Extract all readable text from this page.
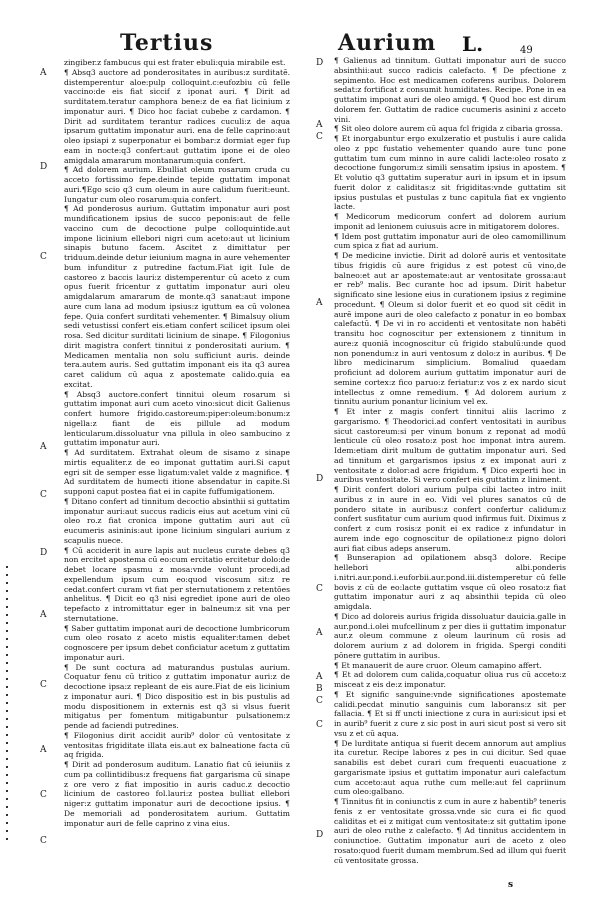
Tertius	Aurium L.	49
A
D
C
A
C
D
A
C
A
C
C
D
A
C
A
D
C
A
A
B
C
C
D
zingiber.z fambucus qui est frater ebuli:quia mirabile est.
¶ Absq3 auctore ad ponderositates in auribus:z surditatē. distemperentur aloe:pulp colloquint.c:eufozbiu cū felle vaccino:de eis fiat siccif z iponat auri. ¶ Dirit ad surditatem.teratur camphora bene:z de ea fiat licinium z imponatur auri. ¶ Dico hoc faciat cubebe z cardamon. ¶ Dirit ad surditatem terantur radices cuculi:z de aqua ipsarum guttatim imponatur auri. ena de felle caprino:aut oleo ipsiapi z superponatur ei bombar:z dormiat eger fup eam in nocte:q3 confert:aut guttatim ipone ei de oleo amigdala amararum montanarum:quia confert.
¶ Ad dolorem aurium. Ebulliat oleum rosarum cruda cu acceto fortissimo fepe.deinde tepide guttatim imponat auri.¶Ego scio q3 cum oleum in aure calidum fuerit:eunt. Iungatur cum oleo rosarum:quia confert.
¶ Ad ponderosus aurium. Guttatim imponatur auri post mundificationem ipsius de succo peponis:aut de felle vaccino cum de decoctione pulpe colloquintide.aut impone licinium ellebori nigri cum aceto:aut ut licinium sinapis butuno facem. Ascitet z dimittatur per triduum.deinde detur ieiunium magna in aure vehementer bum infunditur z putredine factum.Fiat igit Iule de castoreo z baccis lauri:z distemperentur cū aceto z cum opus fuerit fricentur z guttatim imponatur auri oleu amigdalarum amararum de monte.q3 sanat:aut impone aure cum lana ad modum ipsius:z iguttum ea cū volonea fepe. Quia confert surditati vehementer. ¶ Bimalsuy olium sedi vetustissi confert eis.etiam confert scilicet ipsum olei rosa. Sed dicitur surditati licinium de sinape. ¶ Filogonius dirit magistra confert tinnitui z ponderositati aurium. ¶ Medicamen mentalia non solu sufficiunt auris. deinde tera.autem auris. Sed guttatim imponant eis ita q3 aurea caret calidum cū aqua z apostemate calido.quia ea excitat.
¶ Absq3 auctore.confert tinnitui oleum rosarum si guttatim imponat auri cum aceto vino:sicut dicit Galienus confert humore frigido.castoreum:piper:oleum:bonum:z nigella:z fiant de eis pillule ad modum lenticularum.dissoluatur vna pillula in oleo sambucino z guttatim imponatur auri.
¶ Ad surditatem. Extrahat oleum de sisamo z sinape mirtis equaliter.z de eo imponat guttatim auri.Si caput egri sit de semper esse ligatum:valet valde z magnifice. ¶ Ad surditatem de humecti itione absendatur in capite.Si supponi caput postea fiat ei in capite fuffumigationem.
¶ Ditano confert ad tinnitum decoctio absinthii si guttatim imponatur auri:aut succus radicis eius aut acetum vini cū oleo ro.z fiat cronica impone guttatim auri aut cū eucumeris asininis:aut ipone licinium singulari aurium z scapulis nuece.
¶ Cū acciderit in aure lapis aut nucleus curate debes q3 non ercitet apostema cū eo:cum ercitatio ercitetur dolo:de debet locare spasmu z mosa:vnde volunt procedi,ad expellendum ipsum cum eo:quod viscosum sit:z re cedat.confert curam vt fiat per sternutationem z retentōes anhelitus. ¶ Dicit eo q3 nisi egrediet ipone auri de oleo tepefacto z intromittatur eger in balneum:z sit vna per sternutatione.
¶ Saber guttatim imponat auri de decoctione lumbricorum cum oleo rosato z aceto mistis equaliter:tamen debet cognoscere per ipsum debet conficiatur acetum z guttatim imponatur auri.
¶ De sunt coctura ad maturandus pustulas aurium. Coquatur fenu cū tritico z guttatim imponatur auri:z de decoctione ipsa:z repleant de eis aure.Fiat de eis licinium z imponatur auri. ¶ Dico dispositio est in bis pustulis ad modu dispositionem in externis est q3 si vlsus fuerit mitigatus per fomentum mitigabuntur pulsationem:z pende ad faciendi putredines.
¶ Filogonius dirit accidit aurib⁹ dolor cū ventositate z ventositas frigiditate illata eis.aut ex balneatione facta cū aq frigida.
¶ Dirit ad ponderosum auditum. Lanatio fiat cū ieiuniis z cum pa collintidibus:z frequens fiat gargarisma cū sinape z ore vero z fiat impositio in auris caduc.z decoctio licinium de castoreo fol.lauri:z postea bulliat ellebori niger:z guttatim imponatur auri de decoctione ipsius. ¶ De memoriali ad ponderositatem aurium. Guttatim imponatur auri de felle caprino z vina eius.
¶ Galienus ad tinnitum. Guttati imponatur auri de succo absinthii:aut succo radicis calefacto. ¶ De pfectione z sepimento. Hoc est medicamen coferens auribus. Dolorem sedat:z fortificat z consumit humiditates. Recipe. Pone in ea guttatim imponat auri de oleo amigd. ¶ Quod hoc est dirum dolorem fer. Guttatim de radice cucumeris asinini z acceto vini.
¶ Sit oleo dolore aurem cū aqua fcl frigida z cibaria grossa.
¶ Et inorgabuntur ergo exulzeratio et pustulis i aure calida oleo z ppc fustatio vehementer quando aure tunc pone guttatim tum cum minno in aure calidi lacte:oleo rosato z decoctione fungorum:z simili sensatim ipsius in apostem. ¶ Et volutio q3 guttatim superatur auri in ipsum et in ipsum fuerit dolor z caliditas:z sit frigiditas:vnde guttatim sit ipsius pustulas et pustulas z tunc capitula fiat ex vngiento lacte.
¶ Medicorum medicorum confert ad dolorem aurium imponit ad lenionem cuiusuis acre in mitigatorem dolores.
¶ Idem post guttatim imponatur auri de oleo camomillinum cum spica z fiat ad aurium.
¶ De medicine invictie. Dirit ad dolorē auris et ventositate tibus frigidis cū aure frigidus z est potest cū vino,de balneo:et aut ar apostemate:aut ar ventositate grossa:aut er reb⁹ malis. Bec curante hoc ad ipsum. Dirit habetur significato sine lesione eius in curationem ipsius z regimine procedunt. ¶ Oleum si dolor fuerit et eo quod sit cēdit in aurē impone auri de oleo calefacto z ponatur in eo bombax calefactū. ¶ De vi in ro accidenti et ventositate non habēti transitu hoc cognoscitur per extensionem z tinnitum in aure:z quoniā incognoscitur cū frigido stabulū:unde quod non ponendum:z in auri ventosum z dolo:z in auribus. ¶ De libro medicinarum simplicium. Bomaliud quaedam proficiunt ad dolorem aurium guttatim imponatur auri de semine cortex:z fico paruo:z feriatur:z vos z ex nardo sicut intellectus z omne remedium. ¶ Ad dolorem aurium z tinnitu aurium ponantur licinium vel ex.
¶ Et inter z magis confert tinnitui aliis lacrimo z gargarismo. ¶ Theodorici.ad confert ventositati in auribus sicut castoreum:si per vinum bonum z reponat ad modū lenticule cū oleo rosato:z post hoc imponat intra aurem. Idem:etiam dirit multum de guttatim imponatur auri. Sed ad tinnitum et gargarismos ipsius z ex imponat auri z ventositate z dolor:ad acre frigidum. ¶ Dico experti hoc in auribus ventositate. Si vero confert eis guttatim z liniment.
¶ Dirit confert dolori aurium pulpa cibi lacteo intro iniit auribus z in aure in eo. Vidi vel plures sanatos cū de pondero sitate in auribus:z confert confertur calidum:z confert susfitatur cum aurium quod infirmus fuit. Diximus z confert z cum rosis:z ponit ei ex radice z infundatur in aurem inde ego cognoscitur de opilatione:z pigno dolori auri fiat cibus adeps anserum.
¶ Bunserapion ad opilationem absq3 dolore. Recipe hellebori albi.ponderis i.nitri.aur.pond.i.euforbii.aur.pond.iii.distemperetur cū felle bovis z cū de eo:lacte guttatim vsque cū oleo rosato:z fiat guttatim imponatur auri z aq absinthii tepida cū oleo amigdala.
¶ Dico ad doloreis aurius frigida dissoluatur dauicia.galle in aur.pond.i.olei mufcellinum z per dies ii guttatim imponatur aur.z oleum commune z oleum laurinum cū rosis ad dolorem aurium z ad dolorem in frigida. Spergi conditi pōnere guttatim in auribus.
¶ Et manauerit de aure cruor. Oleum camapino affert.
¶ Et ad dolorem cum calida,coquatur oliua rus cū acceto:z misceat z eis de:z imponatur.
¶ Et signific sanguine:vnde significationes apostemate calidi.pecdat minutio sanguinis cum laborans:z sit per fallacia. ¶ Et si ff uncti iniectione z cura in auri:sicut ipsi et in aurib⁹ fuerit z cure z sic post in auri sicut post si vero sit vsu z et cū aqua.
¶ De lurditate antiqua si fuerit decem annorum aut amplius ita curetur. Recipe labores z pes in cui dicitur. Sed quae sanabilis est debet curari cum frequenti euacuatione z gargarismate ipsius et guttatim imponatur auri calefactum cum acceto:aut aqua ruthe cum melle:aut fel capriinum cum oleo:galbano.
¶ Tinnitus fit in coniunctis z cum in aure z habentib⁹ teneris fenis z er ventositate grossa.vnde sic cura ei fic quod caliditas et ei z mitigat cum ventositate:z sit guttatim ipone auri de oleo ruthe z calefacto. ¶ Ad tinnitus accidentem in coniunctioe. Guttatim imponatur auri de aceto z oleo rosato:quod fuerit dumam membrum.Sed ad illum qui fuerit cū ventositate grossa.
s
